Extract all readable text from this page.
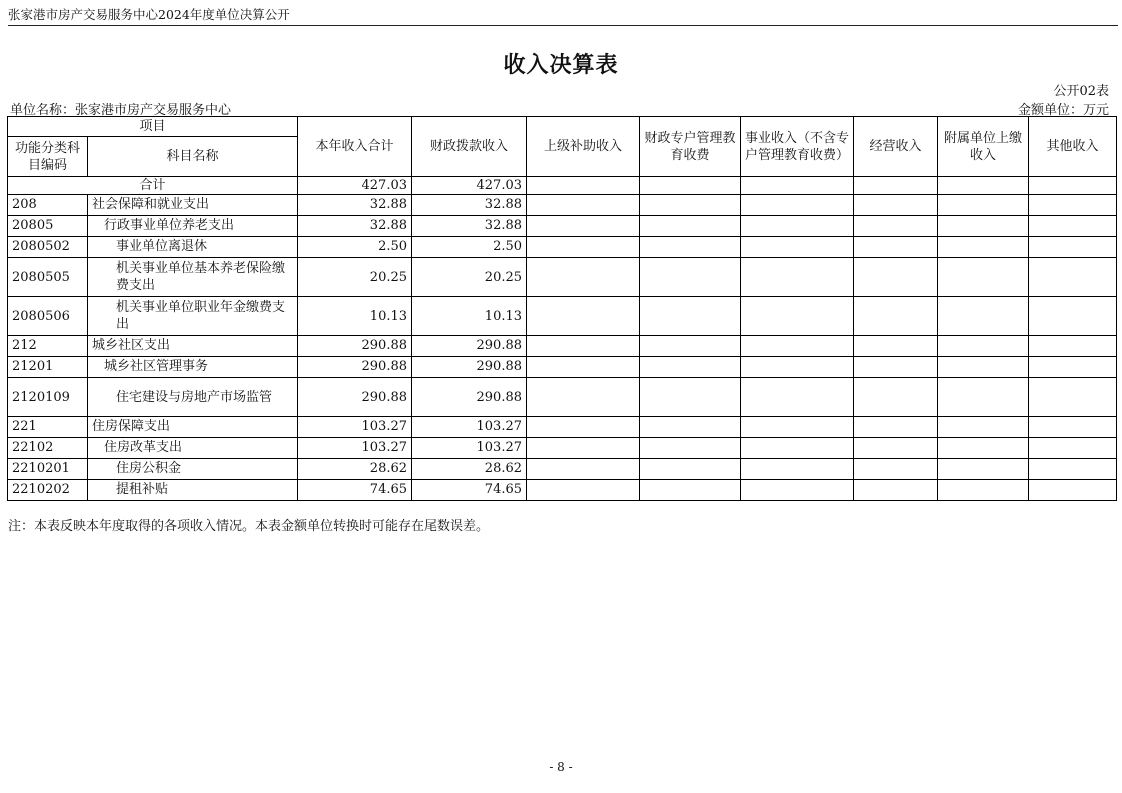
张家港市房产交易服务中心2024年度单位决算公开
收入决算表
公开02表
单位名称：张家港市房产交易服务中心	金额单位：万元
项目		本年收入合计	财政拨款收入	上级补助收入	财政专户管理教育收费	事业收入（不含专户管理教育收费）	经营收入	附属单位上缴收入	其他收入
功能分类科目编码	科目名称								
合计		427.03	427.03						
208	社会保障和就业支出	32.88	32.88						
20805	行政事业单位养老支出	32.88	32.88						
2080502	事业单位离退休	2.50	2.50						
2080505	机关事业单位基本养老保险缴费支出	20.25	20.25						
2080506	机关事业单位职业年金缴费支出	10.13	10.13						
212	城乡社区支出	290.88	290.88						
21201	城乡社区管理事务	290.88	290.88						
2120109	住宅建设与房地产市场监管	290.88	290.88						
221	住房保障支出	103.27	103.27						
22102	住房改革支出	103.27	103.27						
2210201	住房公积金	28.62	28.62						
2210202	提租补贴	74.65	74.65						
注：本表反映本年度取得的各项收入情况。本表金额单位转换时可能存在尾数误差。
- 8 -
